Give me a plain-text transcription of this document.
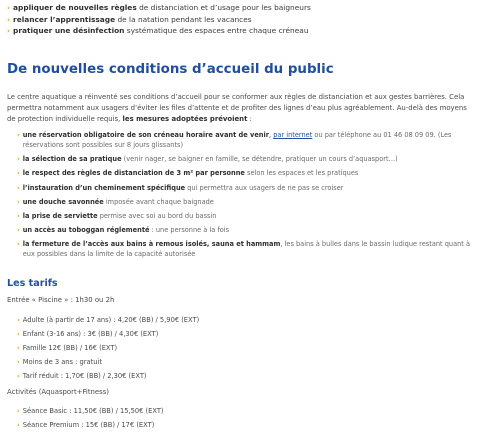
› appliquer de nouvelles règles de distanciation et d’usage pour les baigneurs
› relancer l’apprentissage de la natation pendant les vacances
› pratiquer une désinfection systématique des espaces entre chaque créneau
De nouvelles conditions d’accueil du public

Le centre aquatique a réinventé ses conditions d’accueil pour se conformer aux règles de distanciation et aux gestes barrières. Cela permettra notamment aux usagers d’éviter les files d’attente et de profiter des lignes d’eau plus agréablement. Au-delà des moyens de protection individuelle requis, les mesures adoptées prévoient :

› une réservation obligatoire de son créneau horaire avant de venir, par internet ou par téléphone au 01 46 08 09 09. (Les réservations sont possibles sur 8 jours glissants)
› la sélection de sa pratique (venir nager, se baigner en famille, se détendre, pratiquer un cours d’aquasport…)
› le respect des règles de distanciation de 3 m² par personne selon les espaces et les pratiques
› l’instauration d’un cheminement spécifique qui permettra aux usagers de ne pas se croiser
› une douche savonnée imposée avant chaque baignade
› la prise de serviette permise avec soi au bord du bassin
› un accès au toboggan réglementé : une personne à la fois
› la fermeture de l’accès aux bains à remous isolés, sauna et hammam, les bains à bulles dans le bassin ludique restant quant à eux possibles dans la limite de la capacité autorisée
Les tarifs
Entrée « Piscine » : 1h30 ou 2h
› Adulte (à partir de 17 ans) : 4,20€ (BB) / 5,90€ (EXT)
› Enfant (3-16 ans) : 3€ (BB) / 4,30€ (EXT)
› Famille 12€ (BB) / 16€ (EXT)
› Moins de 3 ans : gratuit
› Tarif réduit : 1,70€ (BB) / 2,30€ (EXT)
Activités (Aquasport+Fitness)
› Séance Basic : 11,50€ (BB) / 15,50€ (EXT)
› Séance Premium : 15€ (BB) / 17€ (EXT)
